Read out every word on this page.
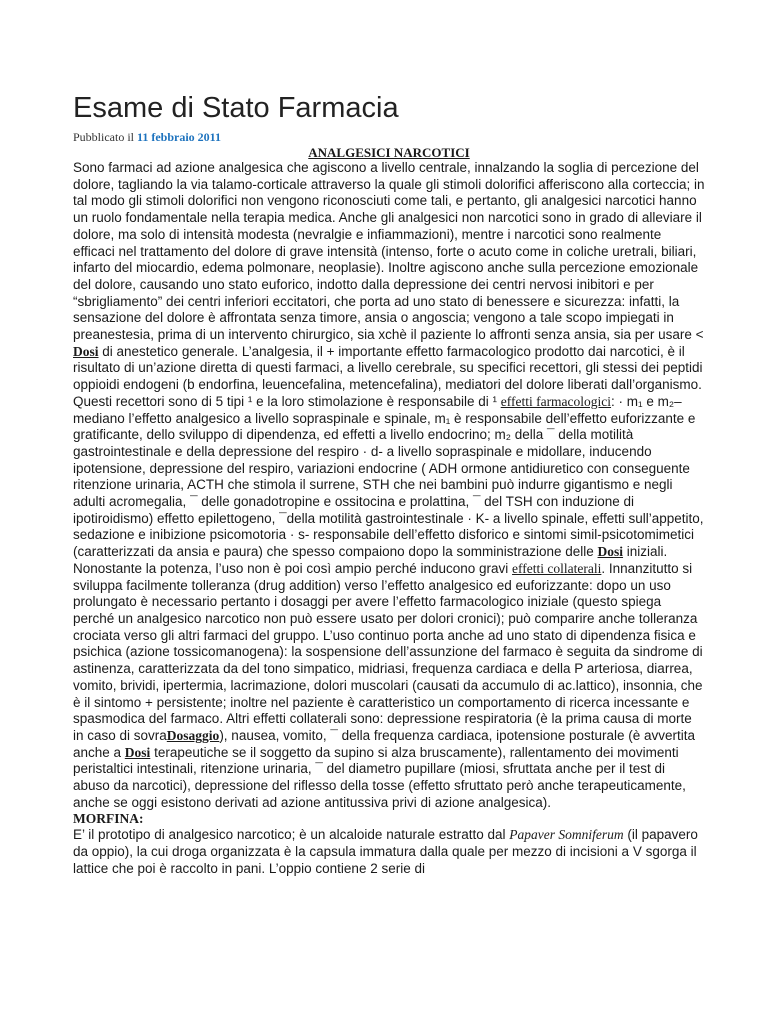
Esame di Stato Farmacia
Pubblicato il 11 febbraio 2011
ANALGESICI NARCOTICI

Sono farmaci ad azione analgesica che agiscono a livello centrale, innalzando la soglia di percezione del dolore, tagliando la via talamo-corticale attraverso la quale gli stimoli dolorifici afferiscono alla corteccia; in tal modo gli stimoli dolorifici non vengono riconosciuti come tali, e pertanto, gli analgesici narcotici hanno un ruolo fondamentale nella terapia medica. Anche gli analgesici non narcotici sono in grado di alleviare il dolore, ma solo di intensità modesta (nevralgie e infiammazioni), mentre i narcotici sono realmente efficaci nel trattamento del dolore di grave intensità (intenso, forte o acuto come in coliche uretrali, biliari, infarto del miocardio, edema polmonare, neoplasie). Inoltre agiscono anche sulla percezione emozionale del dolore, causando uno stato euforico, indotto dalla depressione dei centri nervosi inibitori e per “sbrigliamento” dei centri inferiori eccitatori, che porta ad uno stato di benessere e sicurezza: infatti, la sensazione del dolore è affrontata senza timore, ansia o angoscia; vengono a tale scopo impiegati in preanestesia, prima di un intervento chirurgico, sia xchè il paziente lo affronti senza ansia, sia per usare < Dosi di anestetico generale. L’analgesia, il + importante effetto farmacologico prodotto dai narcotici, è il risultato di un’azione diretta di questi farmaci, a livello cerebrale, su specifici recettori, gli stessi dei peptidi oppioidi endogeni (b endorfina, leuencefalina, metencefalina), mediatori del dolore liberati dall’organismo. Questi recettori sono di 5 tipi ¹ e la loro stimolazione è responsabile di ¹ effetti farmacologici: · m₁ e m₂– mediano l’effetto analgesico a livello sopraspinale e spinale, m₁ è responsabile dell’effetto euforizzante e gratificante, dello sviluppo di dipendenza, ed effetti a livello endocrino; m₂ della ¯ della motilità gastrointestinale e della depressione del respiro · d- a livello sopraspinale e midollare, inducendo ipotensione, depressione del respiro, variazioni endocrine ( ADH ormone antidiuretico con conseguente ritenzione urinaria, ACTH che stimola il surrene, STH che nei bambini può indurre gigantismo e negli adulti acromegalia, ¯ delle gonadotropine e ossitocina e prolattina, ¯ del TSH con induzione di ipotiroidismo) effetto epilettogeno, ¯della motilità gastrointestinale · K- a livello spinale, effetti sull’appetito, sedazione e inibizione psicomotoria · s- responsabile dell’effetto disforico e sintomi simil-psicotomimetici (caratterizzati da ansia e paura) che spesso compaiono dopo la somministrazione delle Dosi iniziali. Nonostante la potenza, l’uso non è poi così ampio perché inducono gravi effetti collaterali. Innanzitutto si sviluppa facilmente tolleranza (drug addition) verso l’effetto analgesico ed euforizzante: dopo un uso prolungato è necessario pertanto i dosaggi per avere l’effetto farmacologico iniziale (questo spiega perché un analgesico narcotico non può essere usato per dolori cronici); può comparire anche tolleranza crociata verso gli altri farmaci del gruppo. L’uso continuo porta anche ad uno stato di dipendenza fisica e psichica (azione tossicomanogena): la sospensione dell’assunzione del farmaco è seguita da sindrome di astinenza, caratterizzata da del tono simpatico, midriasi, frequenza cardiaca e della P arteriosa, diarrea, vomito, brividi, ipertermia, lacrimazione, dolori muscolari (causati da accumulo di ac.lattico), insonnia, che è il sintomo + persistente; inoltre nel paziente è caratteristico un comportamento di ricerca incessante e spasmodica del farmaco. Altri effetti collaterali sono: depressione respiratoria (è la prima causa di morte in caso di sovraDosaggio), nausea, vomito, ¯ della frequenza cardiaca, ipotensione posturale (è avvertita anche a Dosi terapeutiche se il soggetto da supino si alza bruscamente), rallentamento dei movimenti peristaltici intestinali, ritenzione urinaria, ¯ del diametro pupillare (miosi, sfruttata anche per il test di abuso da narcotici), depressione del riflesso della tosse (effetto sfruttato però anche terapeuticamente, anche se oggi esistono derivati ad azione antitussiva privi di azione analgesica).

MORFINA:

E’ il prototipo di analgesico narcotico; è un alcaloide naturale estratto dal Papaver Somniferum (il papavero da oppio), la cui droga organizzata è la capsula immatura dalla quale per mezzo di incisioni a V sgorga il lattice che poi è raccolto in pani. L’oppio contiene 2 serie di
